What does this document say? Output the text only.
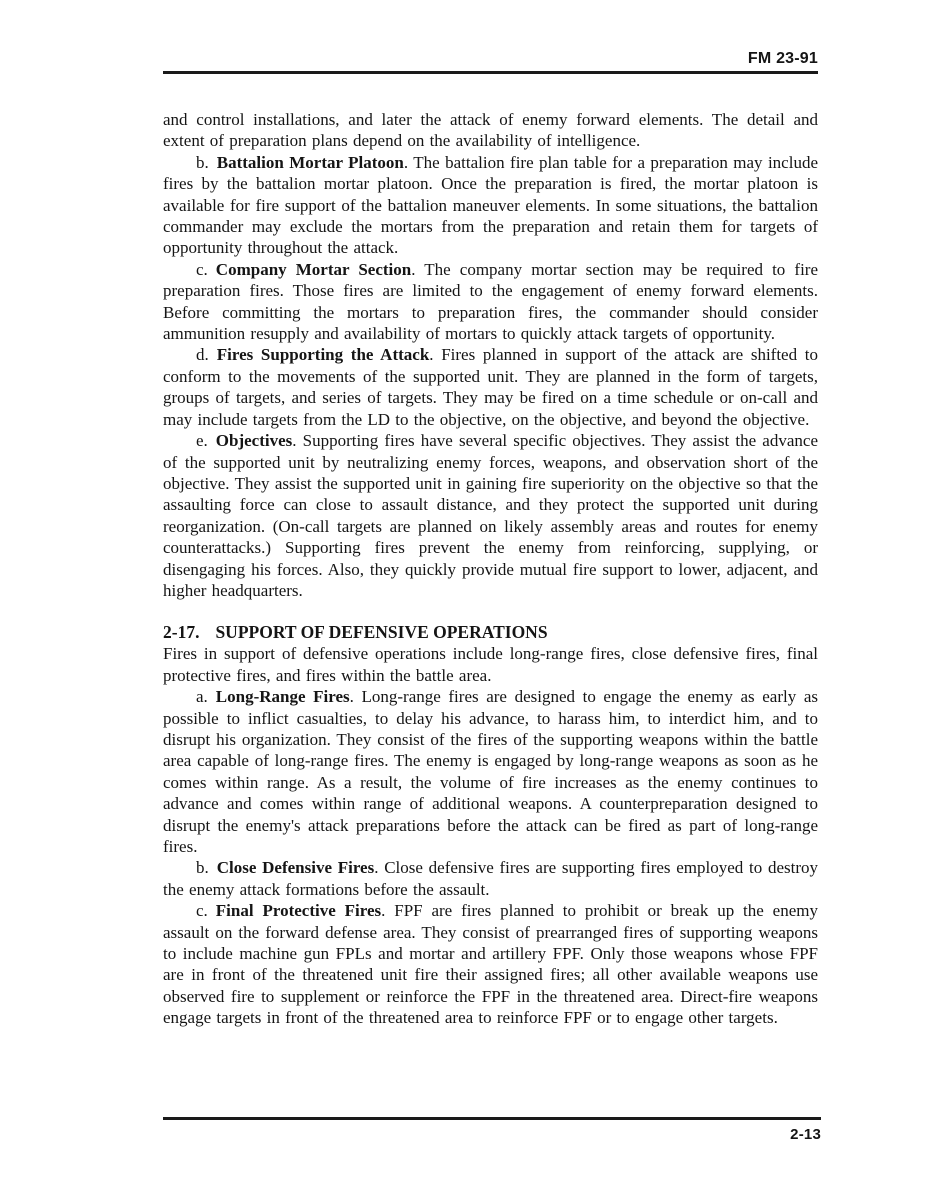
FM 23-91

and control installations, and later the attack of enemy forward elements. The detail and extent of preparation plans depend on the availability of intelligence.

b. Battalion Mortar Platoon. The battalion fire plan table for a preparation may include fires by the battalion mortar platoon. Once the preparation is fired, the mortar platoon is available for fire support of the battalion maneuver elements. In some situations, the battalion commander may exclude the mortars from the preparation and retain them for targets of opportunity throughout the attack.

c. Company Mortar Section. The company mortar section may be required to fire preparation fires. Those fires are limited to the engagement of enemy forward elements. Before committing the mortars to preparation fires, the commander should consider ammunition resupply and availability of mortars to quickly attack targets of opportunity.

d. Fires Supporting the Attack. Fires planned in support of the attack are shifted to conform to the movements of the supported unit. They are planned in the form of targets, groups of targets, and series of targets. They may be fired on a time schedule or on-call and may include targets from the LD to the objective, on the objective, and beyond the objective.

e. Objectives. Supporting fires have several specific objectives. They assist the advance of the supported unit by neutralizing enemy forces, weapons, and observation short of the objective. They assist the supported unit in gaining fire superiority on the objective so that the assaulting force can close to assault distance, and they protect the supported unit during reorganization. (On-call targets are planned on likely assembly areas and routes for enemy counterattacks.) Supporting fires prevent the enemy from reinforcing, supplying, or disengaging his forces. Also, they quickly provide mutual fire support to lower, adjacent, and higher headquarters.

2-17. SUPPORT OF DEFENSIVE OPERATIONS

Fires in support of defensive operations include long-range fires, close defensive fires, final protective fires, and fires within the battle area.

a. Long-Range Fires. Long-range fires are designed to engage the enemy as early as possible to inflict casualties, to delay his advance, to harass him, to interdict him, and to disrupt his organization. They consist of the fires of the supporting weapons within the battle area capable of long-range fires. The enemy is engaged by long-range weapons as soon as he comes within range. As a result, the volume of fire increases as the enemy continues to advance and comes within range of additional weapons. A counterpreparation designed to disrupt the enemy's attack preparations before the attack can be fired as part of long-range fires.

b. Close Defensive Fires. Close defensive fires are supporting fires employed to destroy the enemy attack formations before the assault.

c. Final Protective Fires. FPF are fires planned to prohibit or break up the enemy assault on the forward defense area. They consist of prearranged fires of supporting weapons to include machine gun FPLs and mortar and artillery FPF. Only those weapons whose FPF are in front of the threatened unit fire their assigned fires; all other available weapons use observed fire to supplement or reinforce the FPF in the threatened area. Direct-fire weapons engage targets in front of the threatened area to reinforce FPF or to engage other targets.

2-13
